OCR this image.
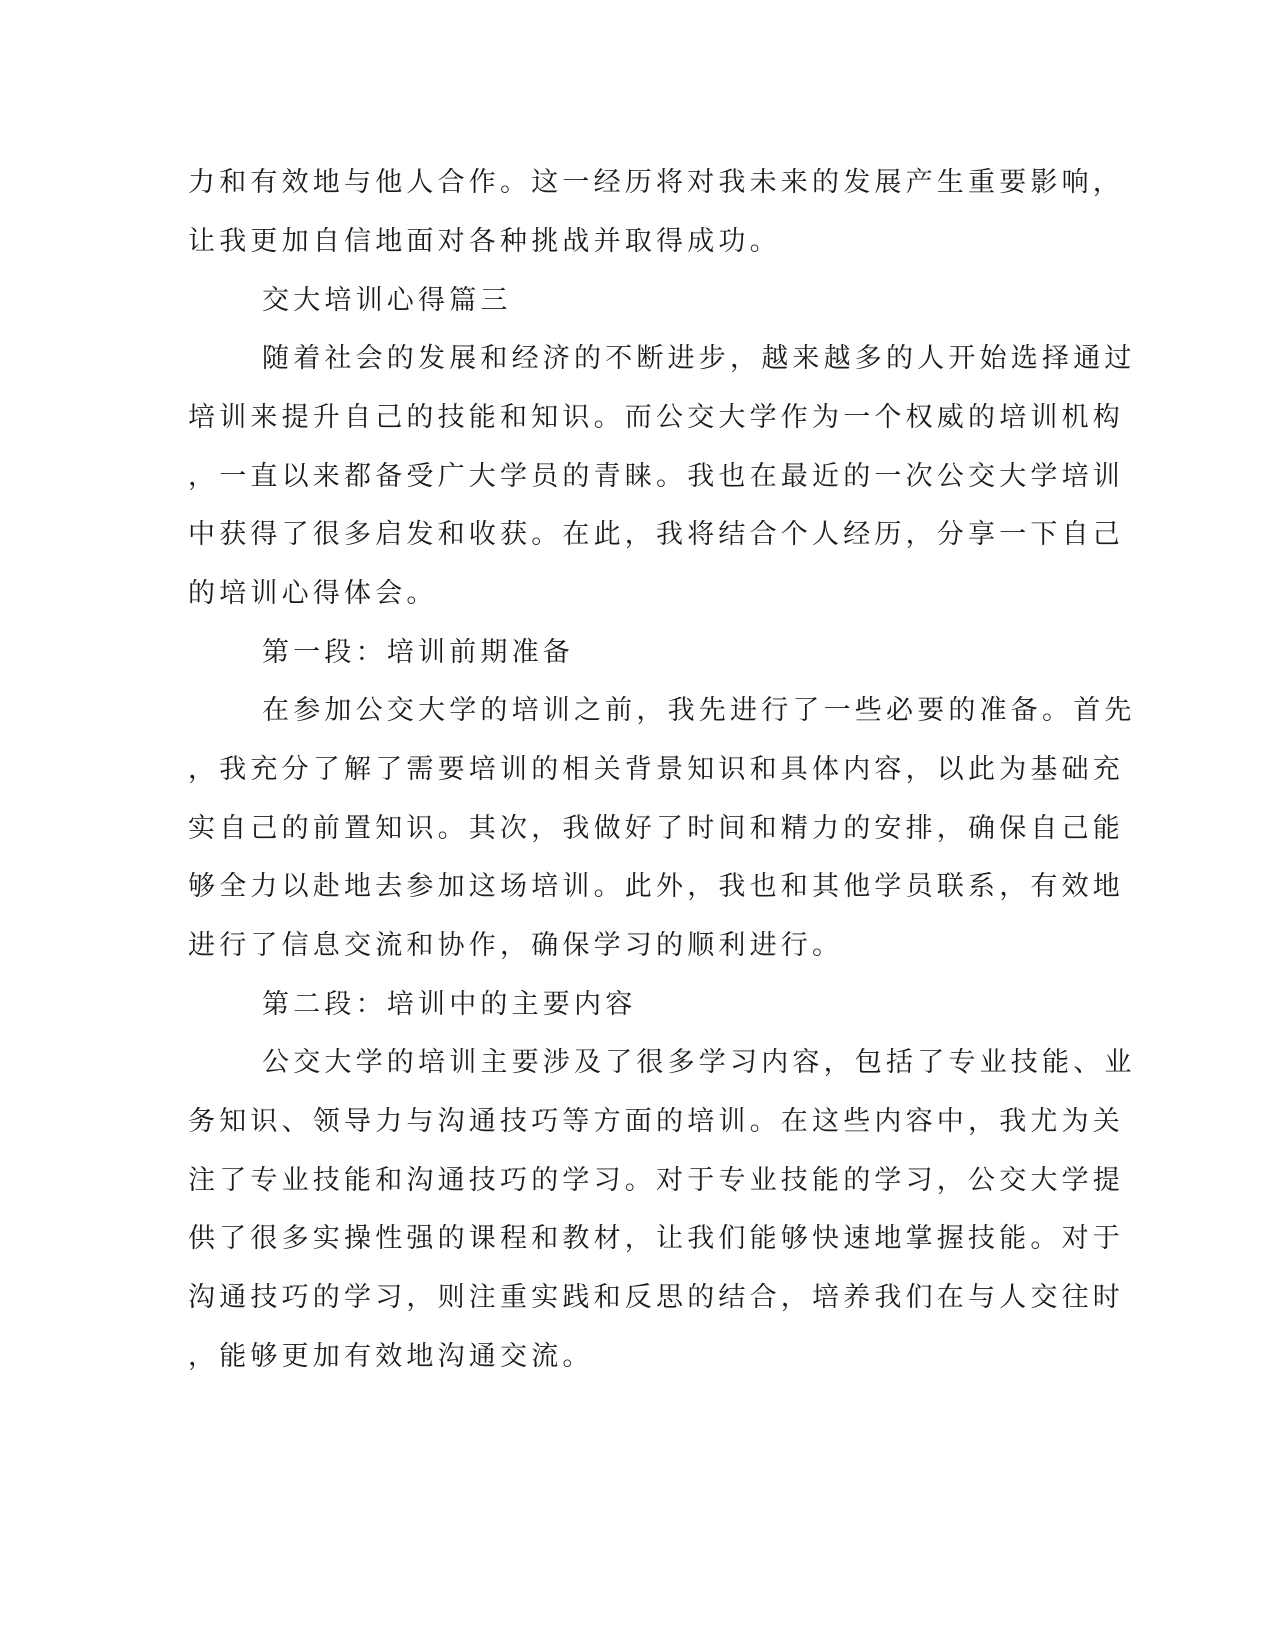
力和有效地与他人合作。这一经历将对我未来的发展产生重要影响，
让我更加自信地面对各种挑战并取得成功。
交大培训心得篇三
随着社会的发展和经济的不断进步，越来越多的人开始选择通过
培训来提升自己的技能和知识。而公交大学作为一个权威的培训机构
，一直以来都备受广大学员的青睐。我也在最近的一次公交大学培训
中获得了很多启发和收获。在此，我将结合个人经历，分享一下自己
的培训心得体会。
第一段：培训前期准备
在参加公交大学的培训之前，我先进行了一些必要的准备。首先
，我充分了解了需要培训的相关背景知识和具体内容，以此为基础充
实自己的前置知识。其次，我做好了时间和精力的安排，确保自己能
够全力以赴地去参加这场培训。此外，我也和其他学员联系，有效地
进行了信息交流和协作，确保学习的顺利进行。
第二段：培训中的主要内容
公交大学的培训主要涉及了很多学习内容，包括了专业技能、业
务知识、领导力与沟通技巧等方面的培训。在这些内容中，我尤为关
注了专业技能和沟通技巧的学习。对于专业技能的学习，公交大学提
供了很多实操性强的课程和教材，让我们能够快速地掌握技能。对于
沟通技巧的学习，则注重实践和反思的结合，培养我们在与人交往时
，能够更加有效地沟通交流。
